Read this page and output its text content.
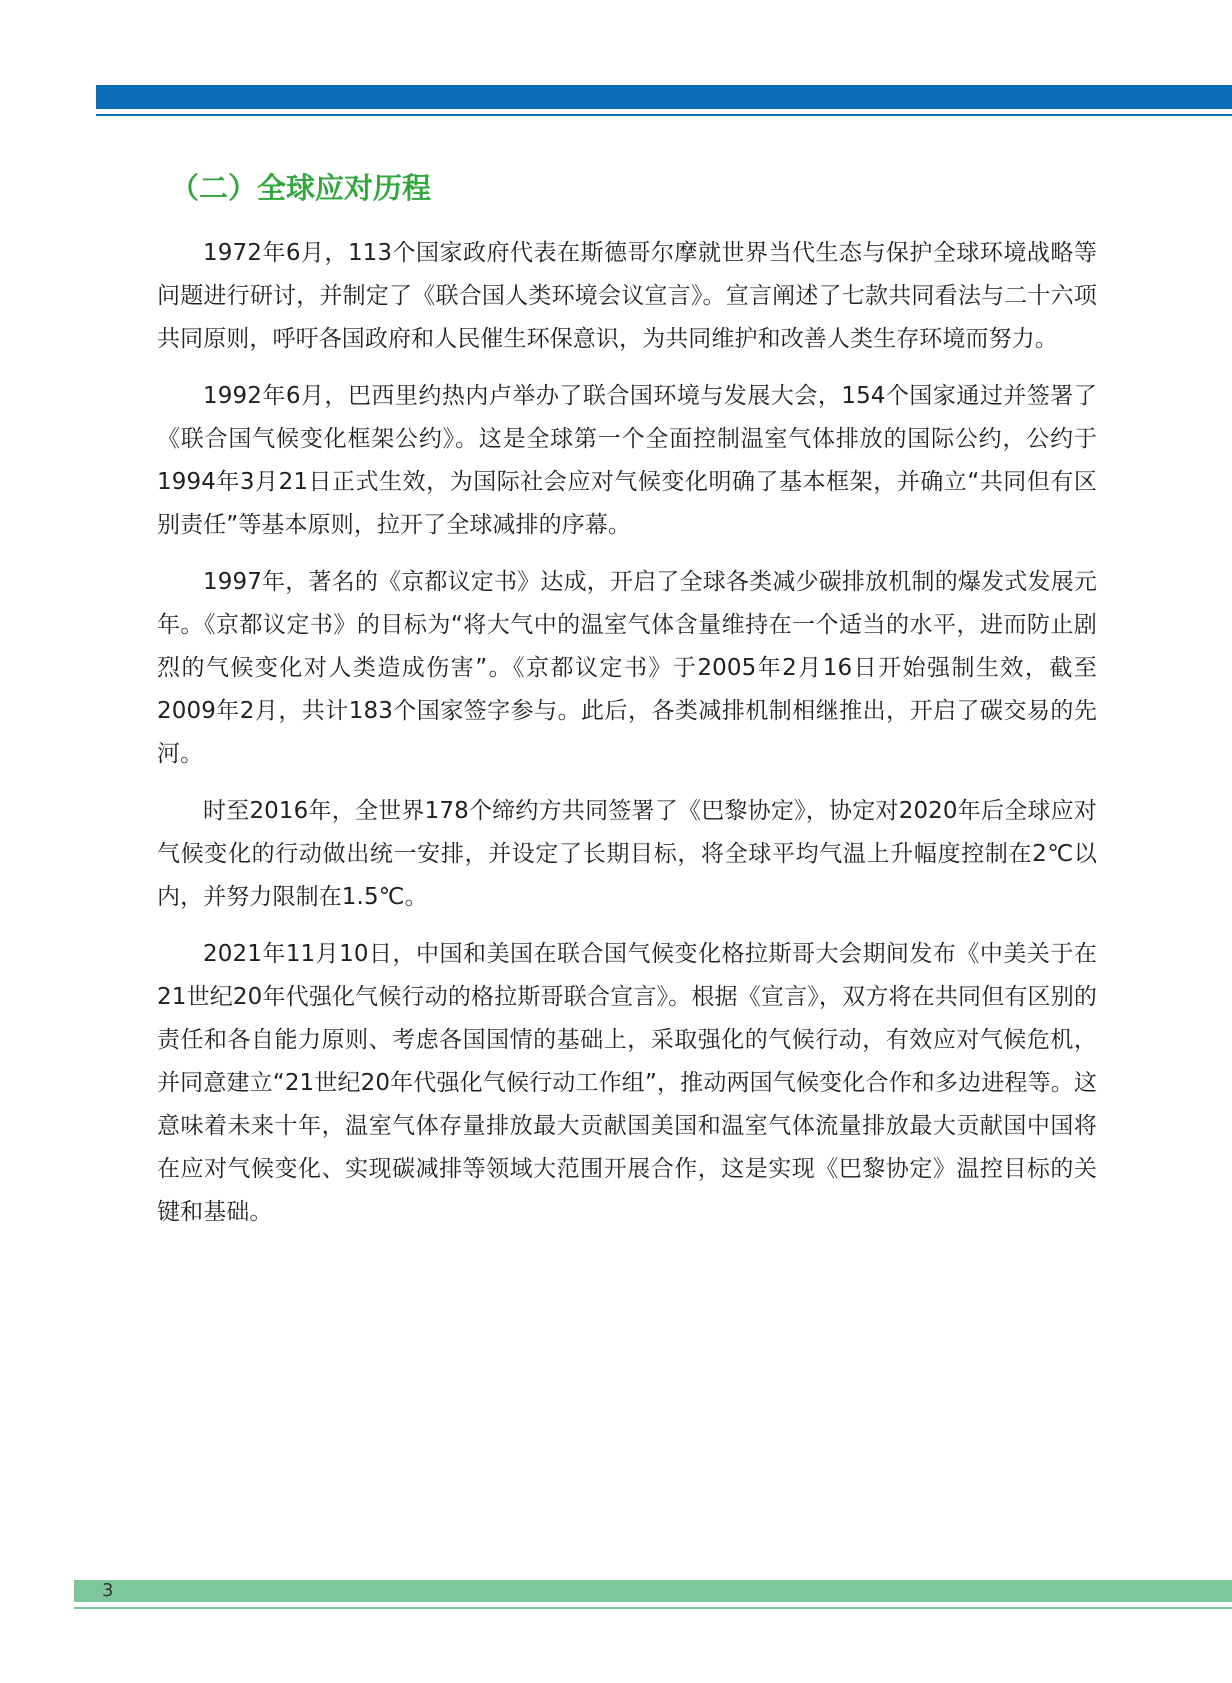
（二）全球应对历程

1972年6月，113个国家政府代表在斯德哥尔摩就世界当代生态与保护全球环境战略等问题进行研讨，并制定了《联合国人类环境会议宣言》。宣言阐述了七款共同看法与二十六项共同原则，呼吁各国政府和人民催生环保意识，为共同维护和改善人类生存环境而努力。

1992年6月，巴西里约热内卢举办了联合国环境与发展大会，154个国家通过并签署了《联合国气候变化框架公约》。这是全球第一个全面控制温室气体排放的国际公约，公约于1994年3月21日正式生效，为国际社会应对气候变化明确了基本框架，并确立“共同但有区别责任”等基本原则，拉开了全球减排的序幕。

1997年，著名的《京都议定书》达成，开启了全球各类减少碳排放机制的爆发式发展元年。《京都议定书》的目标为“将大气中的温室气体含量维持在一个适当的水平，进而防止剧烈的气候变化对人类造成伤害”。《京都议定书》于2005年2月16日开始强制生效，截至2009年2月，共计183个国家签字参与。此后，各类减排机制相继推出，开启了碳交易的先河。

时至2016年，全世界178个缔约方共同签署了《巴黎协定》，协定对2020年后全球应对气候变化的行动做出统一安排，并设定了长期目标，将全球平均气温上升幅度控制在2℃以内，并努力限制在1.5℃。

2021年11月10日，中国和美国在联合国气候变化格拉斯哥大会期间发布《中美关于在21世纪20年代强化气候行动的格拉斯哥联合宣言》。根据《宣言》，双方将在共同但有区别的责任和各自能力原则、考虑各国国情的基础上，采取强化的气候行动，有效应对气候危机，并同意建立“21世纪20年代强化气候行动工作组”，推动两国气候变化合作和多边进程等。这意味着未来十年，温室气体存量排放最大贡献国美国和温室气体流量排放最大贡献国中国将在应对气候变化、实现碳减排等领域大范围开展合作，这是实现《巴黎协定》温控目标的关键和基础。

3
